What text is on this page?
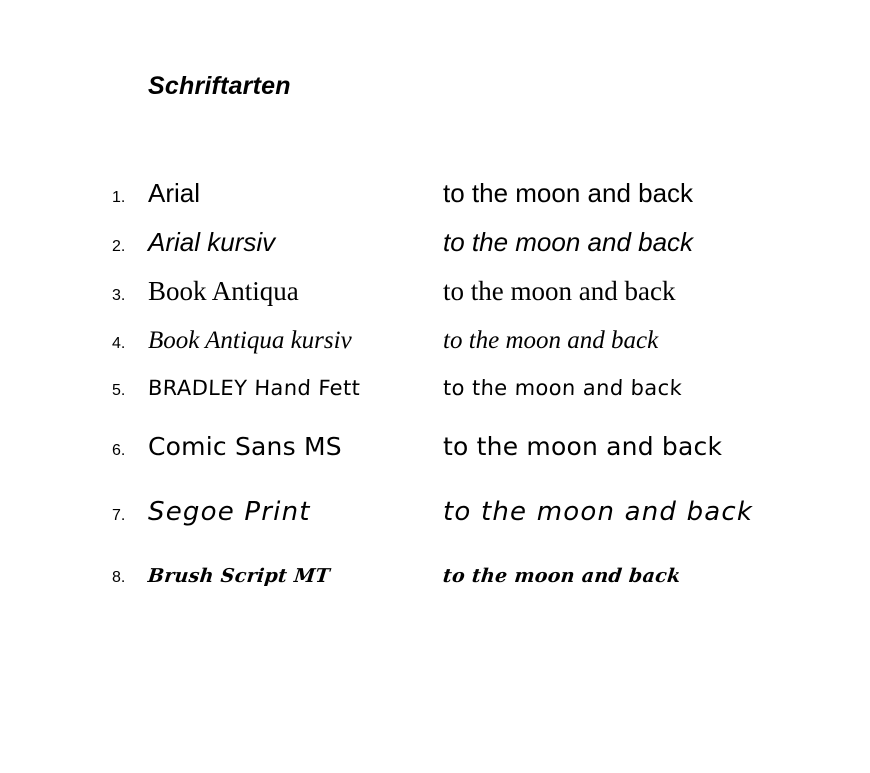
Schriftarten
1. Arial	to the moon and back
2. Arial kursiv	to the moon and back
3. Book Antiqua	to the moon and back
4. Book Antiqua kursiv	to the moon and back
5.	BRADLEY Hand Fett	to the moon and back
6. Comic Sans MS	to the moon and back
7. Segoe Print	to the moon and back
8.	Brush Script MT	to the moon and back
